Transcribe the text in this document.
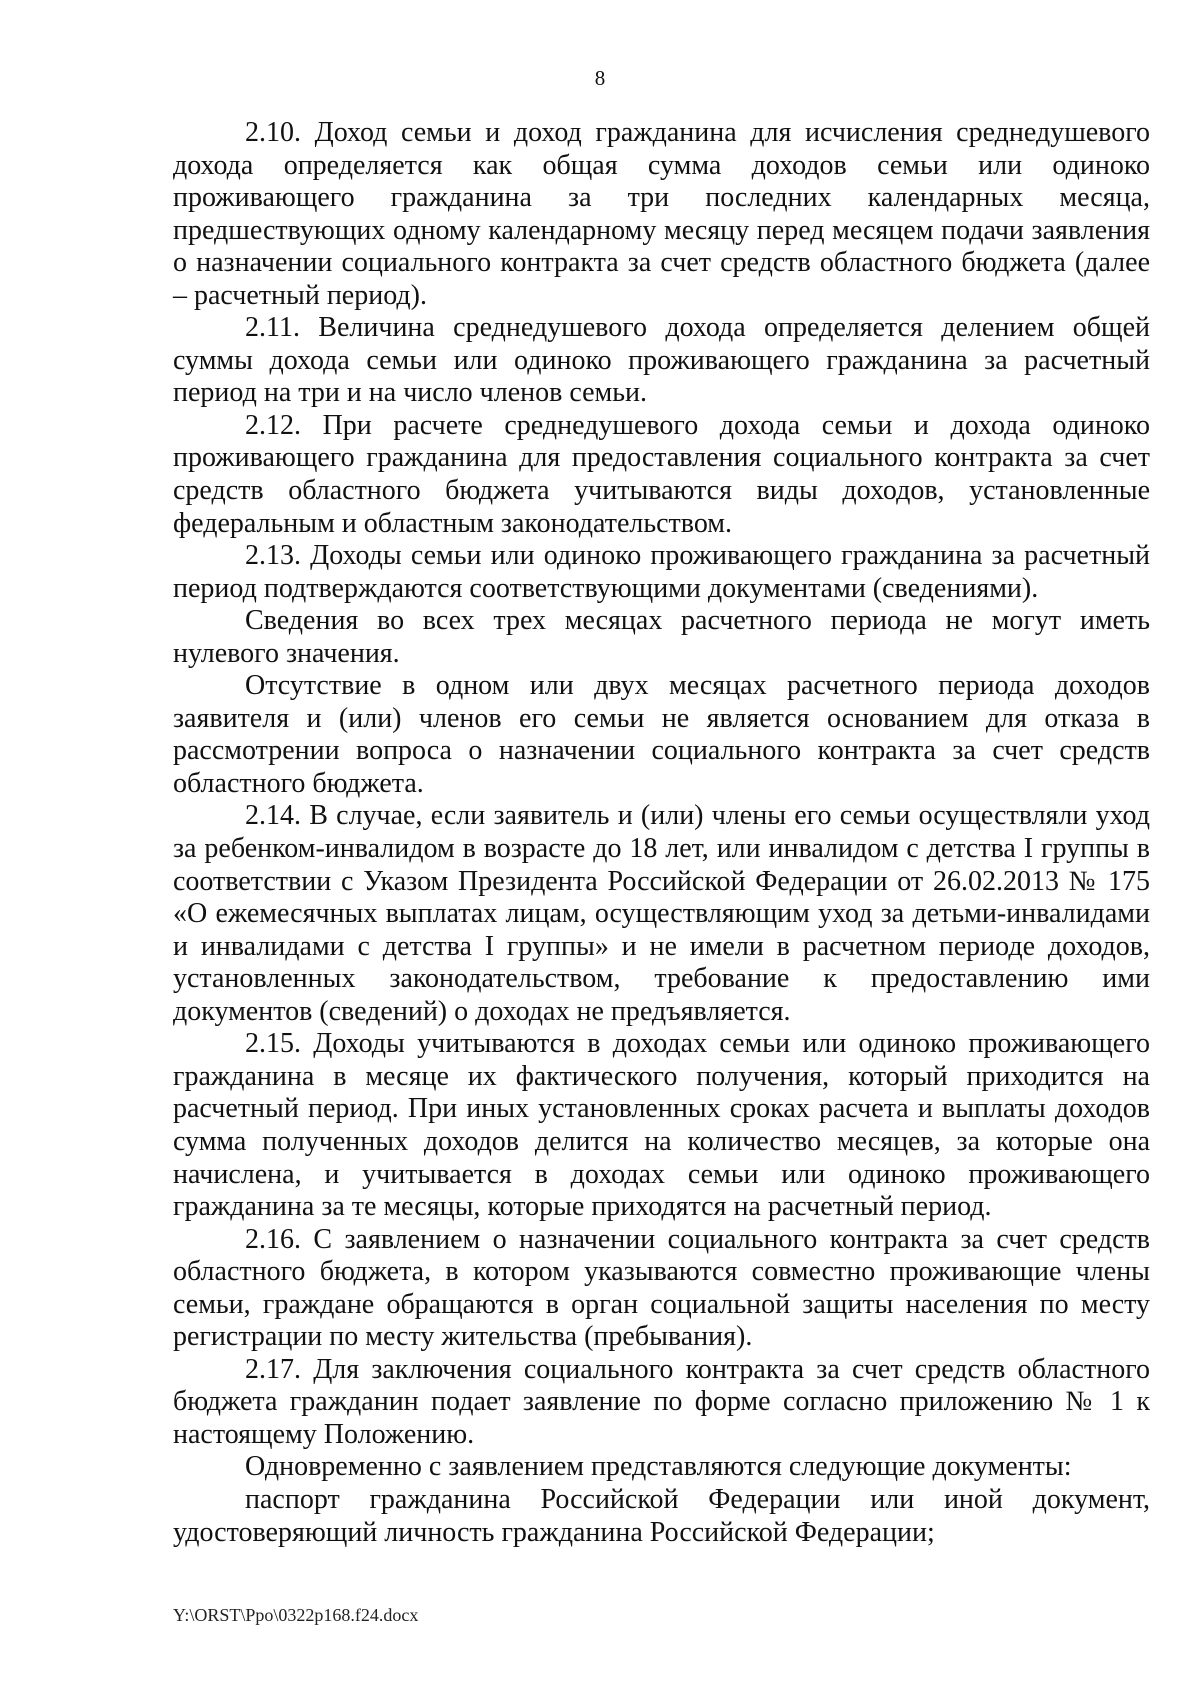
8

2.10. Доход семьи и доход гражданина для исчисления среднедушевого дохода определяется как общая сумма доходов семьи или одиноко проживающего гражданина за три последних календарных месяца, предшествующих одному календарному месяцу перед месяцем подачи заявления о назначении социального контракта за счет средств областного бюджета (далее – расчетный период).

2.11. Величина среднедушевого дохода определяется делением общей суммы дохода семьи или одиноко проживающего гражданина за расчетный период на три и на число членов семьи.

2.12. При расчете среднедушевого дохода семьи и дохода одиноко проживающего гражданина для предоставления социального контракта за счет средств областного бюджета учитываются виды доходов, установленные федеральным и областным законодательством.

2.13. Доходы семьи или одиноко проживающего гражданина за расчетный период подтверждаются соответствующими документами (сведениями).

Сведения во всех трех месяцах расчетного периода не могут иметь нулевого значения.

Отсутствие в одном или двух месяцах расчетного периода доходов заявителя и (или) членов его семьи не является основанием для отказа в рассмотрении вопроса о назначении социального контракта за счет средств областного бюджета.

2.14. В случае, если заявитель и (или) члены его семьи осуществляли уход за ребенком-инвалидом в возрасте до 18 лет, или инвалидом с детства I группы в соответствии с Указом Президента Российской Федерации от 26.02.2013 № 175 «О ежемесячных выплатах лицам, осуществляющим уход за детьми-инвалидами и инвалидами с детства I группы» и не имели в расчетном периоде доходов, установленных законодательством, требование к предоставлению ими документов (сведений) о доходах не предъявляется.

2.15. Доходы учитываются в доходах семьи или одиноко проживающего гражданина в месяце их фактического получения, который приходится на расчетный период. При иных установленных сроках расчета и выплаты доходов сумма полученных доходов делится на количество месяцев, за которые она начислена, и учитывается в доходах семьи или одиноко проживающего гражданина за те месяцы, которые приходятся на расчетный период.

2.16. С заявлением о назначении социального контракта за счет средств областного бюджета, в котором указываются совместно проживающие члены семьи, граждане обращаются в орган социальной защиты населения по месту регистрации по месту жительства (пребывания).

2.17. Для заключения социального контракта за счет средств областного бюджета гражданин подает заявление по форме согласно приложению № 1 к настоящему Положению.

Одновременно с заявлением представляются следующие документы:

паспорт гражданина Российской Федерации или иной документ, удостоверяющий личность гражданина Российской Федерации;

Y:\ORST\Ppo\0322p168.f24.docx
